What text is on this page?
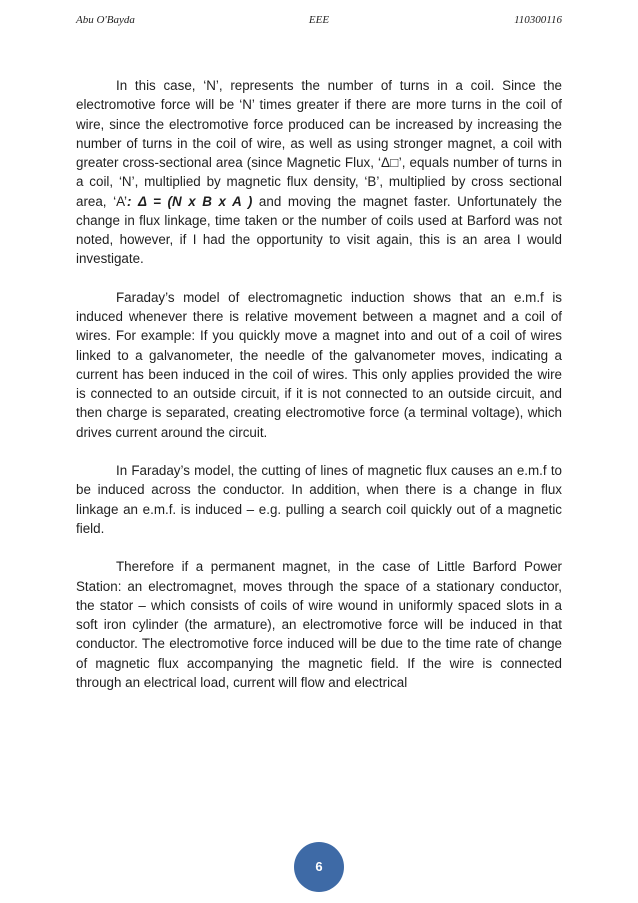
Abu O'Bayda	EEE	110300116

In this case, ‘N’, represents the number of turns in a coil. Since the electromotive force will be ‘N’ times greater if there are more turns in the coil of wire, since the electromotive force produced can be increased by increasing the number of turns in the coil of wire, as well as using stronger magnet, a coil with greater cross-sectional area (since Magnetic Flux, ‘Δ□’, equals number of turns in a coil, ‘N’, multiplied by magnetic flux density, ‘B’, multiplied by cross sectional area, ‘A’: Δ = (N x B x A ) and moving the magnet faster. Unfortunately the change in flux linkage, time taken or the number of coils used at Barford was not noted, however, if I had the opportunity to visit again, this is an area I would investigate.

Faraday’s model of electromagnetic induction shows that an e.m.f is induced whenever there is relative movement between a magnet and a coil of wires. For example: If you quickly move a magnet into and out of a coil of wires linked to a galvanometer, the needle of the galvanometer moves, indicating a current has been induced in the coil of wires. This only applies provided the wire is connected to an outside circuit, if it is not connected to an outside circuit, and then charge is separated, creating electromotive force (a terminal voltage), which drives current around the circuit.

In Faraday’s model, the cutting of lines of magnetic flux causes an e.m.f to be induced across the conductor. In addition, when there is a change in flux linkage an e.m.f. is induced – e.g. pulling a search coil quickly out of a magnetic field.

Therefore if a permanent magnet, in the case of Little Barford Power Station: an electromagnet, moves through the space of a stationary conductor, the stator – which consists of coils of wire wound in uniformly spaced slots in a soft iron cylinder (the armature), an electromotive force will be induced in that conductor. The electromotive force induced will be due to the time rate of change of magnetic flux accompanying the magnetic field. If the wire is connected through an electrical load, current will flow and electrical

6
